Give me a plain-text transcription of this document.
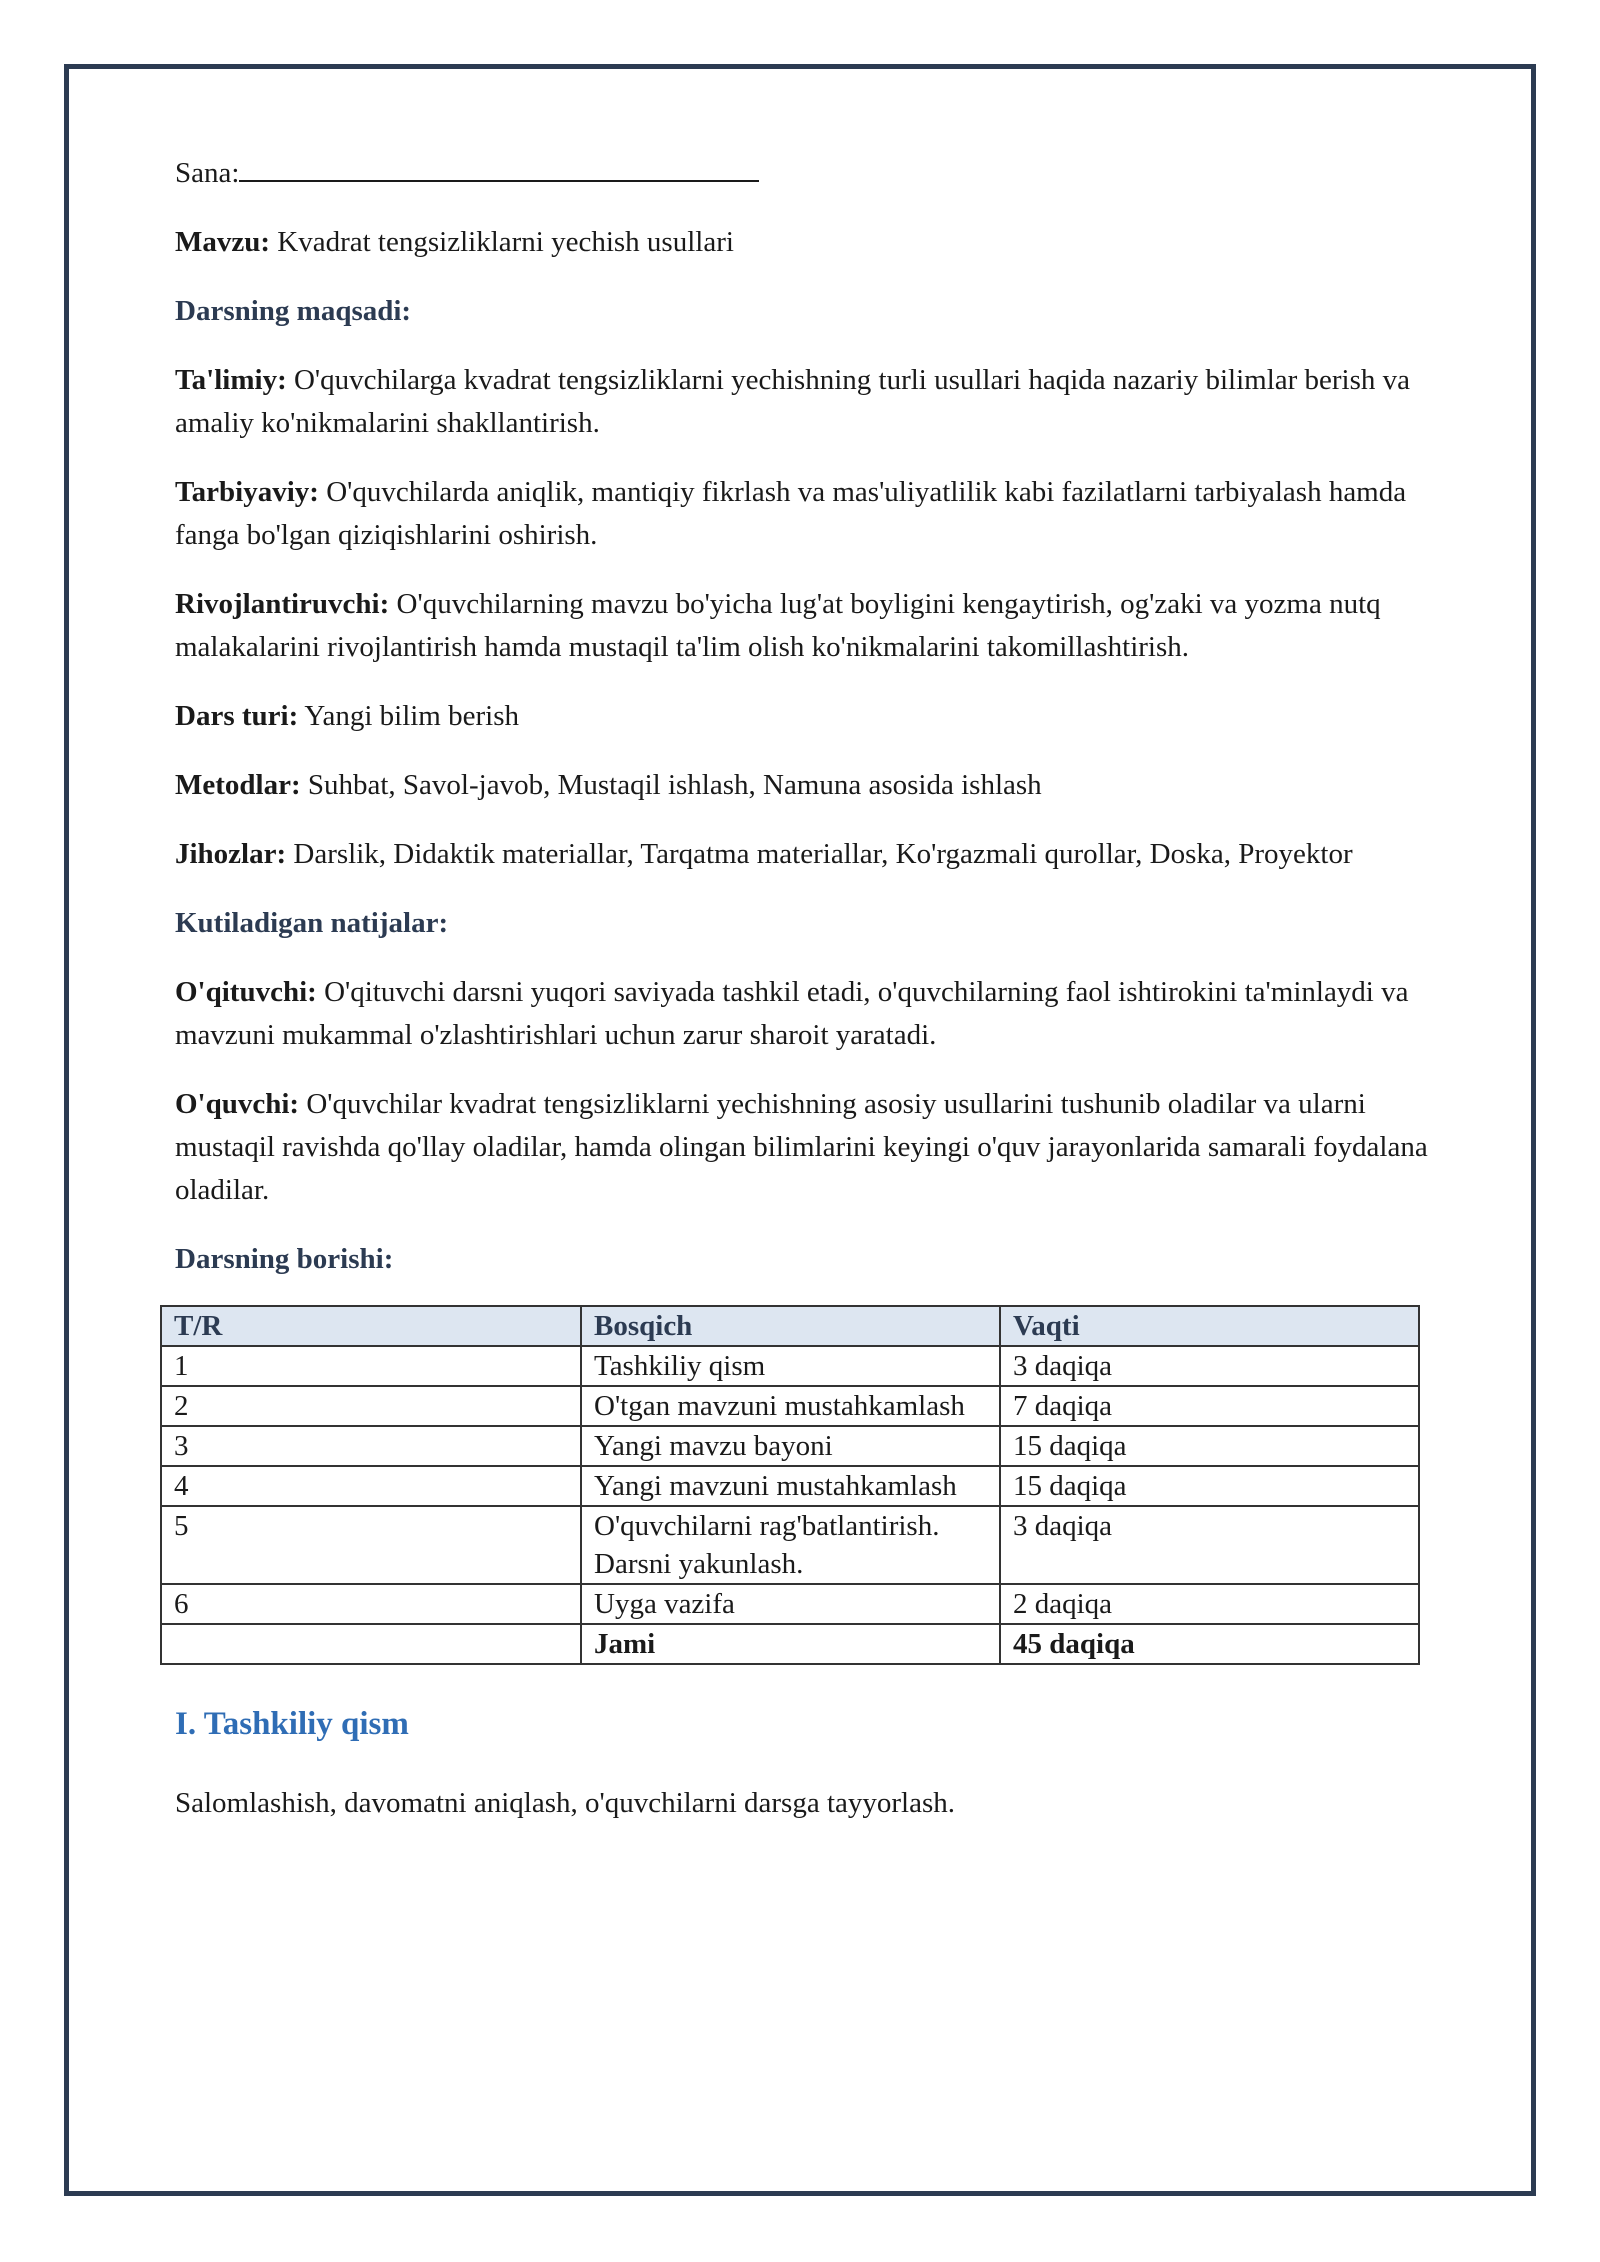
Sana:

Mavzu: Kvadrat tengsizliklarni yechish usullari

Darsning maqsadi:

Ta'limiy: O'quvchilarga kvadrat tengsizliklarni yechishning turli usullari haqida nazariy bilimlar berish va amaliy ko'nikmalarini shakllantirish.

Tarbiyaviy: O'quvchilarda aniqlik, mantiqiy fikrlash va mas'uliyatlilik kabi fazilatlarni tarbiyalash hamda fanga bo'lgan qiziqishlarini oshirish.

Rivojlantiruvchi: O'quvchilarning mavzu bo'yicha lug'at boyligini kengaytirish, og'zaki va yozma nutq malakalarini rivojlantirish hamda mustaqil ta'lim olish ko'nikmalarini takomillashtirish.

Dars turi: Yangi bilim berish

Metodlar: Suhbat, Savol-javob, Mustaqil ishlash, Namuna asosida ishlash

Jihozlar: Darslik, Didaktik materiallar, Tarqatma materiallar, Ko'rgazmali qurollar, Doska, Proyektor

Kutiladigan natijalar:

O'qituvchi: O'qituvchi darsni yuqori saviyada tashkil etadi, o'quvchilarning faol ishtirokini ta'minlaydi va mavzuni mukammal o'zlashtirishlari uchun zarur sharoit yaratadi.

O'quvchi: O'quvchilar kvadrat tengsizliklarni yechishning asosiy usullarini tushunib oladilar va ularni mustaqil ravishda qo'llay oladilar, hamda olingan bilimlarini keyingi o'quv jarayonlarida samarali foydalana oladilar.

Darsning borishi:

T/R	Bosqich	Vaqti
1	Tashkiliy qism	3 daqiqa
2	O'tgan mavzuni mustahkamlash	7 daqiqa
3	Yangi mavzu bayoni	15 daqiqa
4	Yangi mavzuni mustahkamlash	15 daqiqa
5	O'quvchilarni rag'batlantirish. Darsni yakunlash.	3 daqiqa
6	Uyga vazifa	2 daqiqa
	Jami	45 daqiqa

I. Tashkiliy qism

Salomlashish, davomatni aniqlash, o'quvchilarni darsga tayyorlash.
